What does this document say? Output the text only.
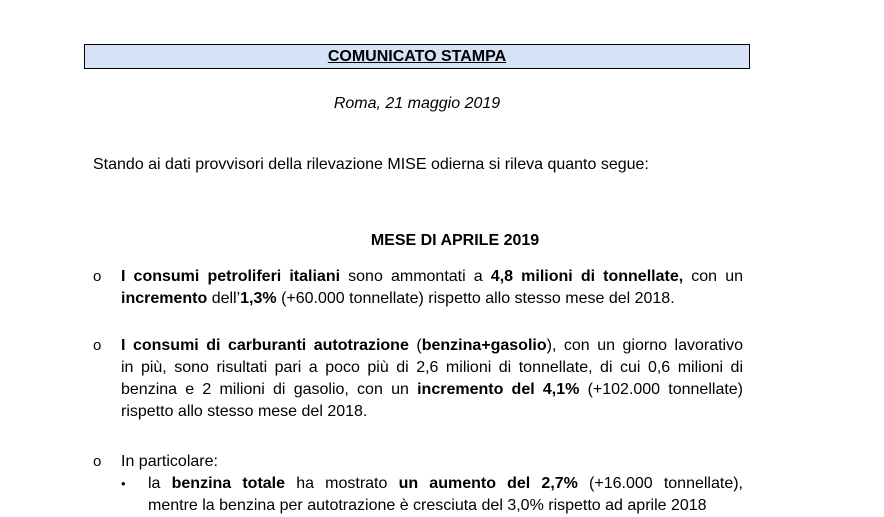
COMUNICATO STAMPA
Roma, 21 maggio 2019
Stando ai dati provvisori della rilevazione MISE odierna si rileva quanto segue:
MESE DI APRILE 2019
o I consumi petroliferi italiani sono ammontati a 4,8 milioni di tonnellate, con un
incremento dell’1,3% (+60.000 tonnellate) rispetto allo stesso mese del 2018.
o I consumi di carburanti autotrazione (benzina+gasolio), con un giorno lavorativo
in più, sono risultati pari a poco più di 2,6 milioni di tonnellate, di cui 0,6 milioni di
benzina e 2 milioni di gasolio, con un incremento del 4,1% (+102.000 tonnellate)
rispetto allo stesso mese del 2018.
o In particolare:
• la benzina totale ha mostrato un aumento del 2,7% (+16.000 tonnellate),
mentre la benzina per autotrazione è cresciuta del 3,0% rispetto ad aprile 2018
